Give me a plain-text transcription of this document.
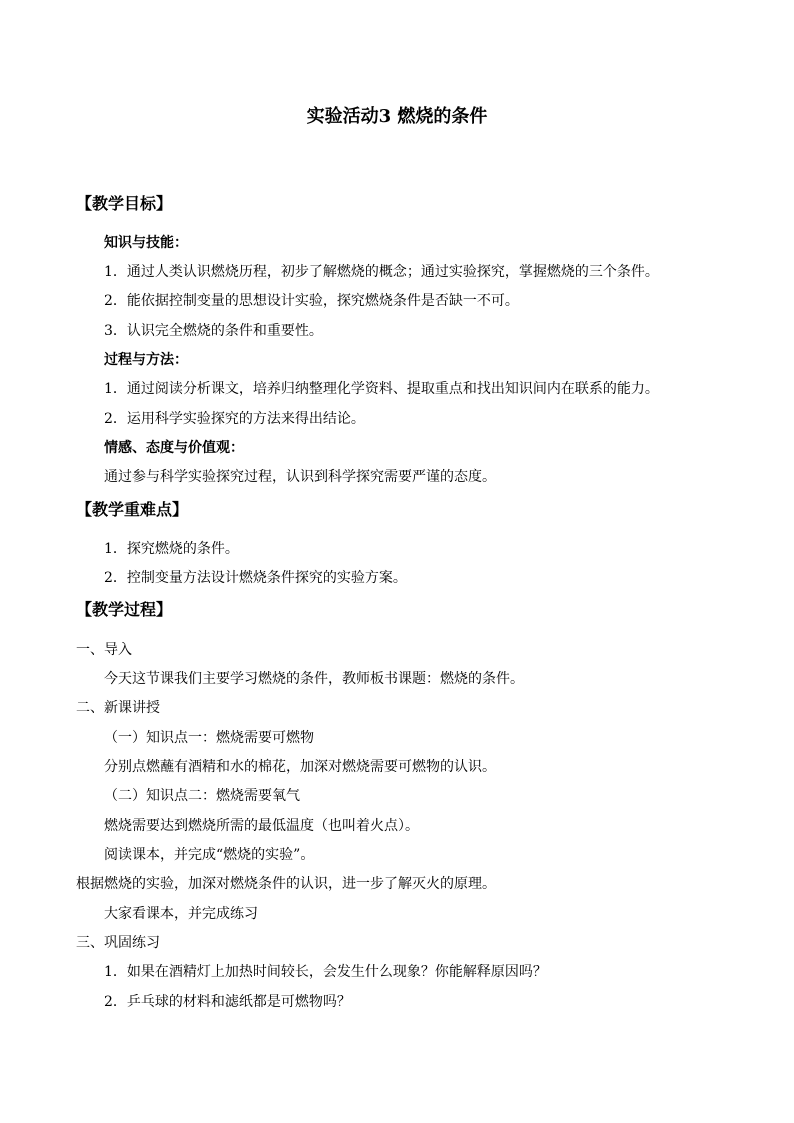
实验活动3 燃烧的条件
【教学目标】
知识与技能：
1．通过人类认识燃烧历程，初步了解燃烧的概念；通过实验探究，掌握燃烧的三个条件。
2．能依据控制变量的思想设计实验，探究燃烧条件是否缺一不可。
3．认识完全燃烧的条件和重要性。
过程与方法：
1．通过阅读分析课文，培养归纳整理化学资料、提取重点和找出知识间内在联系的能力。
2．运用科学实验探究的方法来得出结论。
情感、态度与价值观：
通过参与科学实验探究过程，认识到科学探究需要严谨的态度。
【教学重难点】
1．探究燃烧的条件。
2．控制变量方法设计燃烧条件探究的实验方案。
【教学过程】
一、导入
今天这节课我们主要学习燃烧的条件，教师板书课题：燃烧的条件。
二、新课讲授
（一）知识点一：燃烧需要可燃物
分别点燃蘸有酒精和水的棉花，加深对燃烧需要可燃物的认识。
（二）知识点二：燃烧需要氧气
燃烧需要达到燃烧所需的最低温度（也叫着火点）。
阅读课本，并完成“燃烧的实验”。
根据燃烧的实验，加深对燃烧条件的认识，进一步了解灭火的原理。
大家看课本，并完成练习
三、巩固练习
1．如果在酒精灯上加热时间较长，会发生什么现象？你能解释原因吗？
2．乒乓球的材料和滤纸都是可燃物吗？
